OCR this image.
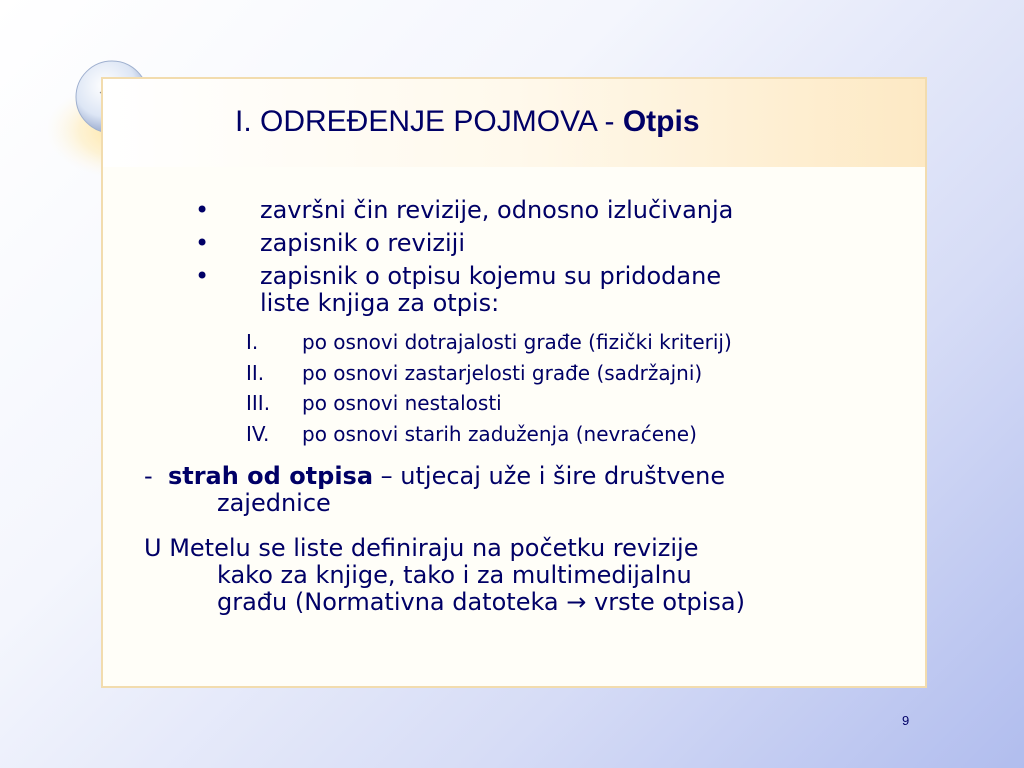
I. ODREĐENJE POJMOVA - Otpis
• završni čin revizije, odnosno izlučivanja
• zapisnik o reviziji
• zapisnik o otpisu kojemu su pridodane
liste knjiga za otpis:
I. po osnovi dotrajalosti građe (fizički kriterij)
II. po osnovi zastarjelosti građe (sadržajni)
III. po osnovi nestalosti
IV. po osnovi starih zaduženja (nevraćene)
- strah od otpisa – utjecaj uže i šire društvene
zajednice
U Metelu se liste definiraju na početku revizije
kako za knjige, tako i za multimedijalnu
građu (Normativna datoteka → vrste otpisa)
9
